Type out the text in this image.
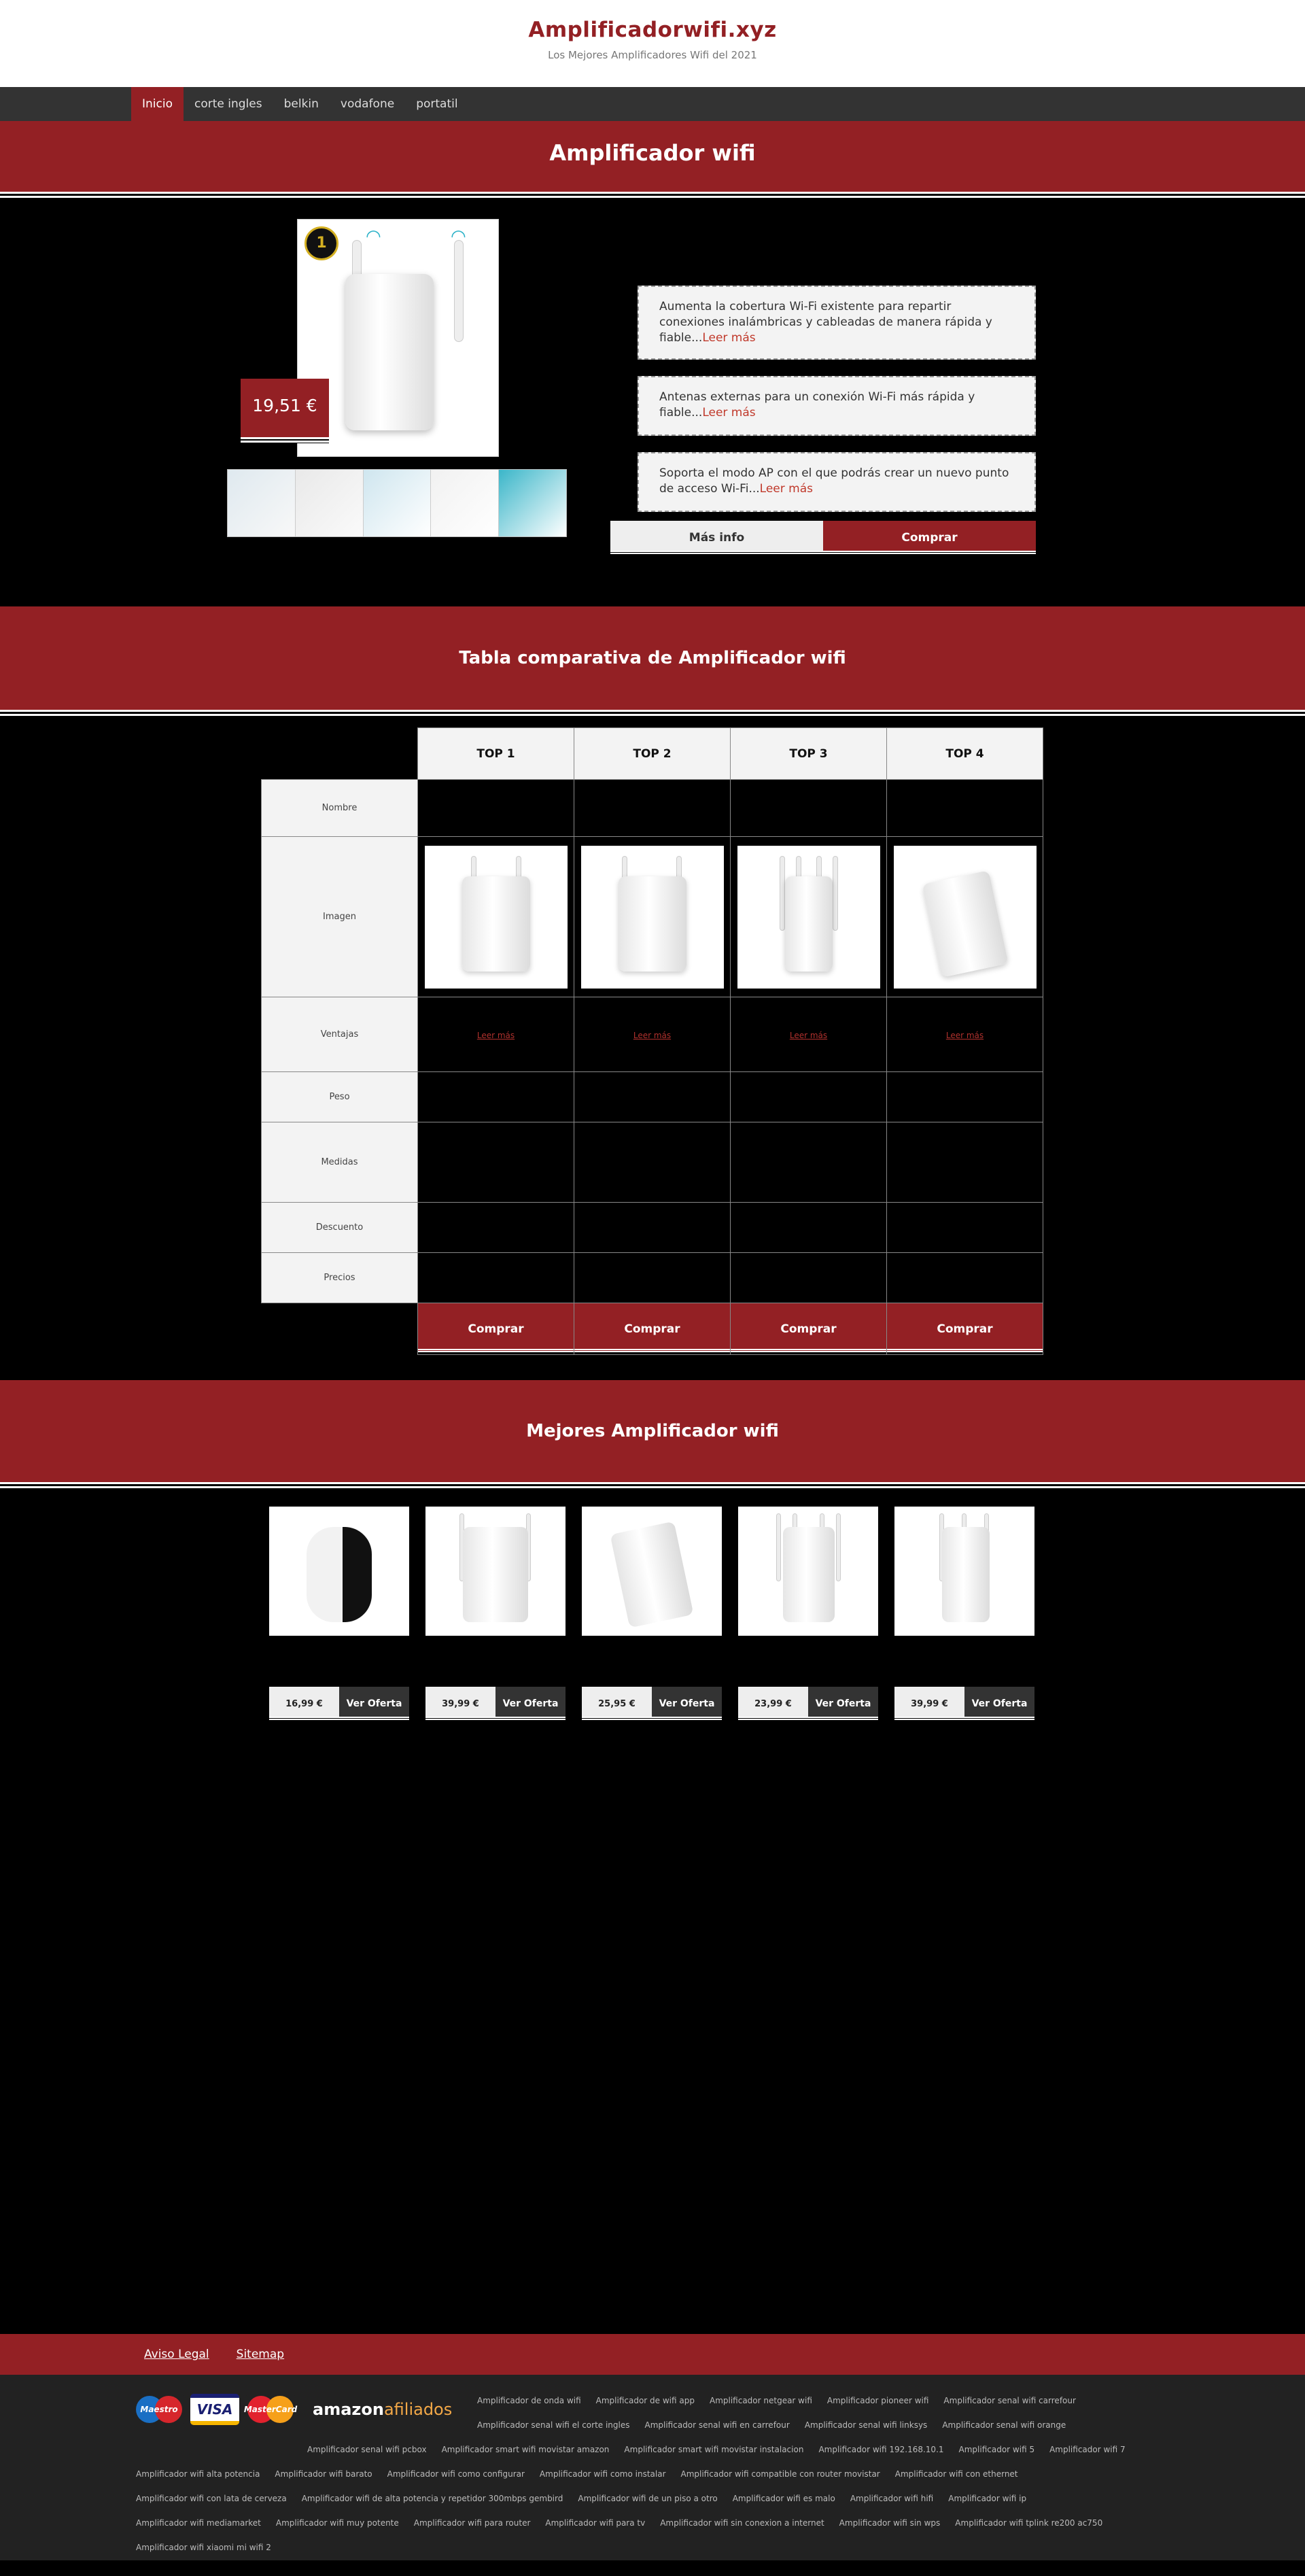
Amplificadorwifi.xyz
Los Mejores Amplificadores Wifi del 2021
Inicio	corte ingles	belkin	vodafone	portatil
Amplificador wifi
1	◠	◠
19,51 €
Aumenta la cobertura Wi-Fi existente para repartir conexiones inalámbricas y cableadas de manera rápida y fiable...Leer más
Antenas externas para un conexión Wi-Fi más rápida y fiable...Leer más
Soporta el modo AP con el que podrás crear un nuevo punto de acceso Wi-Fi...Leer más
Más info	Comprar
Tabla comparativa de Amplificador wifi
	TOP 1	TOP 2	TOP 3	TOP 4
Nombre				
Imagen	

Ventajas	Leer más	Leer más	Leer más	Leer más
Peso				
Medidas				
Descuento				
Precios				
	Comprar	Comprar	Comprar	Comprar
Mejores Amplificador wifi
16,99 €	Ver Oferta	39,99 €	Ver Oferta	25,95 €	Ver Oferta	23,99 €	Ver Oferta	39,99 €	Ver Oferta
Aviso Legal Sitemap
Maestro	VISA	MasterCard amazonafiliados	Amplificador de onda wifi Amplificador de wifi app Amplificador netgear wifi Amplificador pioneer wifi Amplificador senal wifi carrefour
Amplificador senal wifi el corte ingles Amplificador senal wifi en carrefour Amplificador senal wifi linksys Amplificador senal wifi orange
Amplificador senal wifi pcbox Amplificador smart wifi movistar amazon Amplificador smart wifi movistar instalacion Amplificador wifi 192.168.10.1 Amplificador wifi 5 Amplificador wifi 7
Amplificador wifi alta potencia Amplificador wifi barato Amplificador wifi como configurar Amplificador wifi como instalar Amplificador wifi compatible con router movistar Amplificador wifi con ethernet
Amplificador wifi con lata de cerveza Amplificador wifi de alta potencia y repetidor 300mbps gembird Amplificador wifi de un piso a otro Amplificador wifi es malo Amplificador wifi hifi Amplificador wifi ip
Amplificador wifi mediamarket Amplificador wifi muy potente Amplificador wifi para router Amplificador wifi para tv Amplificador wifi sin conexion a internet Amplificador wifi sin wps Amplificador wifi tplink re200 ac750
Amplificador wifi xiaomi mi wifi 2
